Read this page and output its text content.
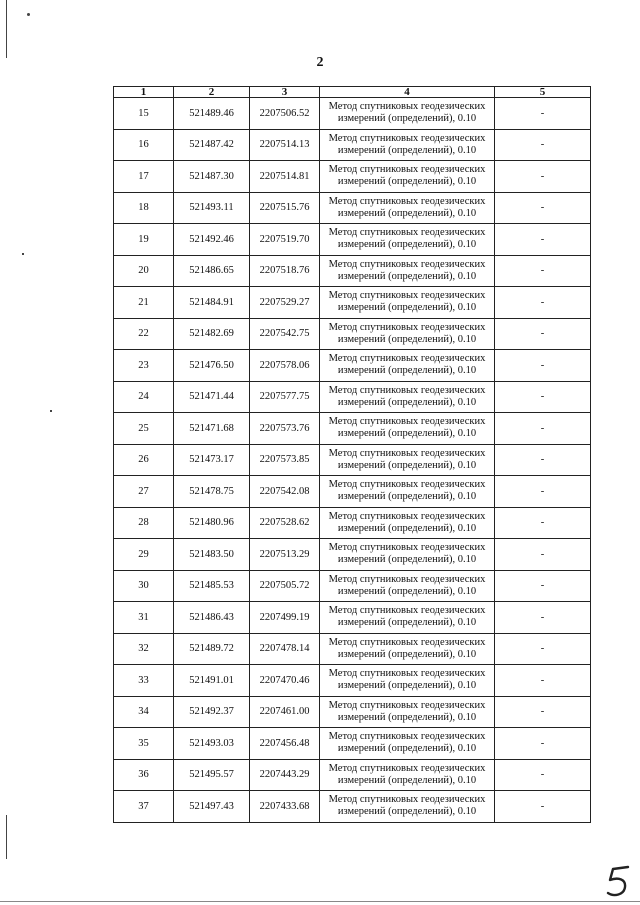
2
1	2	3	4	5
15	521489.46	2207506.52	Метод спутниковых геодезических измерений (определений), 0.10	-
16	521487.42	2207514.13	Метод спутниковых геодезических измерений (определений), 0.10	-
17	521487.30	2207514.81	Метод спутниковых геодезических измерений (определений), 0.10	-
18	521493.11	2207515.76	Метод спутниковых геодезических измерений (определений), 0.10	-
19	521492.46	2207519.70	Метод спутниковых геодезических измерений (определений), 0.10	-
20	521486.65	2207518.76	Метод спутниковых геодезических измерений (определений), 0.10	-
21	521484.91	2207529.27	Метод спутниковых геодезических измерений (определений), 0.10	-
22	521482.69	2207542.75	Метод спутниковых геодезических измерений (определений), 0.10	-
23	521476.50	2207578.06	Метод спутниковых геодезических измерений (определений), 0.10	-
24	521471.44	2207577.75	Метод спутниковых геодезических измерений (определений), 0.10	-
25	521471.68	2207573.76	Метод спутниковых геодезических измерений (определений), 0.10	-
26	521473.17	2207573.85	Метод спутниковых геодезических измерений (определений), 0.10	-
27	521478.75	2207542.08	Метод спутниковых геодезических измерений (определений), 0.10	-
28	521480.96	2207528.62	Метод спутниковых геодезических измерений (определений), 0.10	-
29	521483.50	2207513.29	Метод спутниковых геодезических измерений (определений), 0.10	-
30	521485.53	2207505.72	Метод спутниковых геодезических измерений (определений), 0.10	-
31	521486.43	2207499.19	Метод спутниковых геодезических измерений (определений), 0.10	-
32	521489.72	2207478.14	Метод спутниковых геодезических измерений (определений), 0.10	-
33	521491.01	2207470.46	Метод спутниковых геодезических измерений (определений), 0.10	-
34	521492.37	2207461.00	Метод спутниковых геодезических измерений (определений), 0.10	-
35	521493.03	2207456.48	Метод спутниковых геодезических измерений (определений), 0.10	-
36	521495.57	2207443.29	Метод спутниковых геодезических измерений (определений), 0.10	-
37	521497.43	2207433.68	Метод спутниковых геодезических измерений (определений), 0.10	-
